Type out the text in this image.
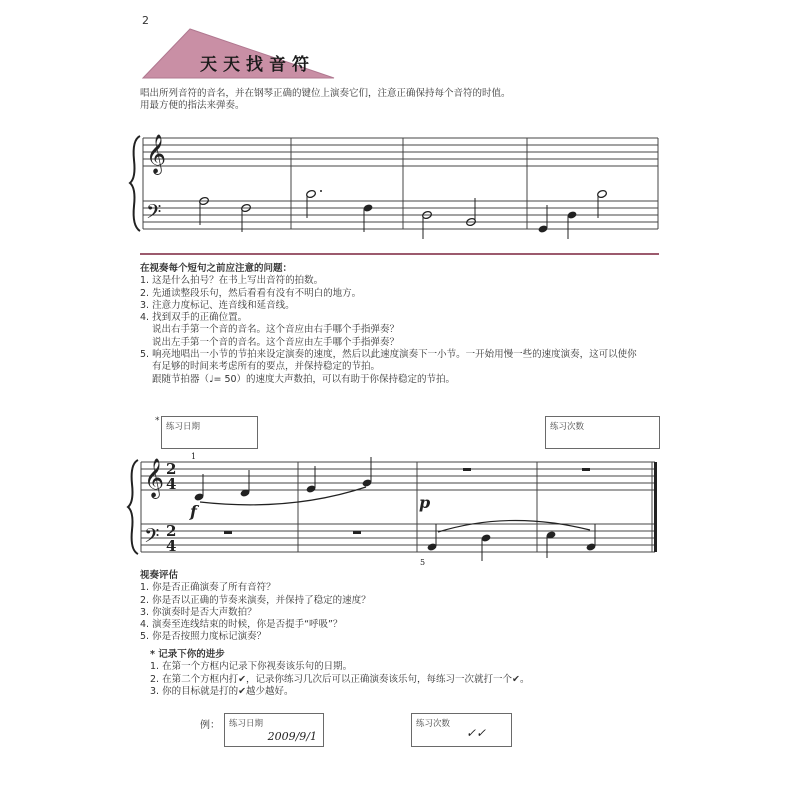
2
天天找音符
唱出所列音符的音名，并在钢琴正确的键位上演奏它们，注意正确保持每个音符的时值。
用最方便的指法来弹奏。
𝄞
𝄢
在视奏每个短句之前应注意的问题：
1. 这是什么拍号？在书上写出音符的拍数。
2. 先通读整段乐句，然后看看有没有不明白的地方。
3. 注意力度标记、连音线和延音线。
4. 找到双手的正确位置。
说出右手第一个音的音名。这个音应由右手哪个手指弹奏？
说出左手第一个音的音名。这个音应由左手哪个手指弹奏？
5. 响亮地唱出一小节的节拍来设定演奏的速度，然后以此速度演奏下一小节。一开始用慢一些的速度演奏，这可以使你
有足够的时间来考虑所有的要点，并保持稳定的节拍。
跟随节拍器（♩= 50）的速度大声数拍，可以有助于你保持稳定的节拍。
*
练习日期	练习次数
𝄞
𝄢
2
4
2
4
1
5
f	p
视奏评估
1. 你是否正确演奏了所有音符？
2. 你是否以正确的节奏来演奏，并保持了稳定的速度？
3. 你演奏时是否大声数拍？
4. 演奏至连线结束的时候，你是否提手“呼吸”？
5. 你是否按照力度标记演奏？
* 记录下你的进步
1. 在第一个方框内记录下你视奏该乐句的日期。
2. 在第二个方框内打✔，记录你练习几次后可以正确演奏该乐句，每练习一次就打一个✔。
3. 你的目标就是打的✔越少越好。
例： 练习日期
2009/9/1
练习次数
✓✓
